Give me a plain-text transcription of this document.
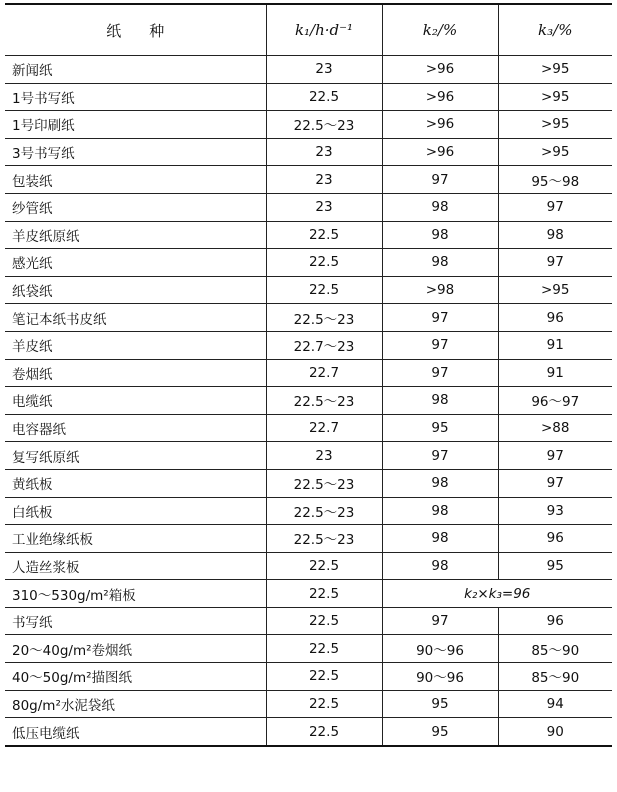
纸种	k₁/h·d⁻¹	k₂/%	k₃/%
新闻纸	23	>96	>95
1号书写纸	22.5	>96	>95
1号印刷纸	22.5～23	>96	>95
3号书写纸	23	>96	>95
包装纸	23	97	95～98
纱管纸	23	98	97
羊皮纸原纸	22.5	98	98
感光纸	22.5	98	97
纸袋纸	22.5	>98	>95
笔记本纸书皮纸	22.5～23	97	96
羊皮纸	22.7～23	97	91
卷烟纸	22.7	97	91
电缆纸	22.5～23	98	96～97
电容器纸	22.7	95	>88
复写纸原纸	23	97	97
黄纸板	22.5～23	98	97
白纸板	22.5～23	98	93
工业绝缘纸板	22.5～23	98	96
人造丝浆板	22.5	98	95
310～530g/m²箱板	22.5	k₂×k₃=96	
书写纸	22.5	97	96
20～40g/m²卷烟纸	22.5	90～96	85～90
40～50g/m²描图纸	22.5	90～96	85～90
80g/m²水泥袋纸	22.5	95	94
低压电缆纸	22.5	95	90
